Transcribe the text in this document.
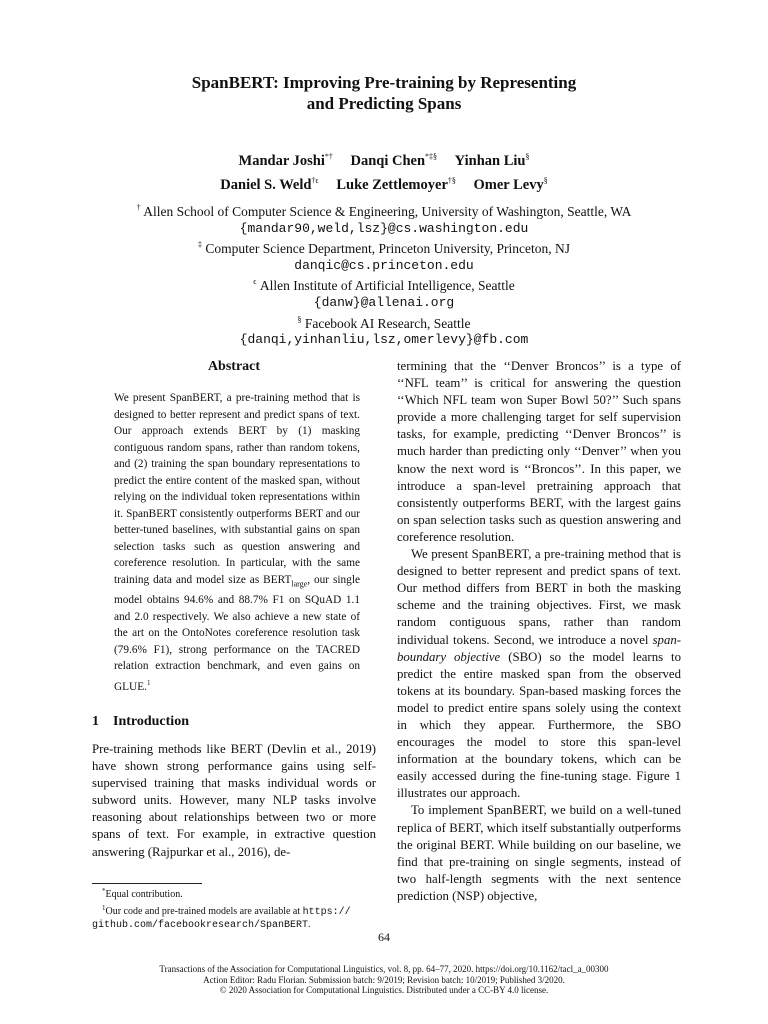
SpanBERT: Improving Pre-training by Representing
and Predicting Spans
Mandar Joshi*† Danqi Chen*‡§ Yinhan Liu§
Daniel S. Weld$^{\dagger\epsilon}$ Luke Zettlemoyer†§ Omer Levy§
† Allen School of Computer Science & Engineering, University of Washington, Seattle, WA
{mandar90,weld,lsz}@cs.washington.edu
‡ Computer Science Department, Princeton University, Princeton, NJ
danqic@cs.princeton.edu
$^\epsilon$ Allen Institute of Artificial Intelligence, Seattle
{danw}@allenai.org
§ Facebook AI Research, Seattle
{danqi,yinhanliu,lsz,omerlevy}@fb.com
Abstract

We present SpanBERT, a pre-training method that is designed to better represent and predict spans of text. Our approach extends BERT by (1) masking contiguous random spans, rather than random tokens, and (2) training the span boundary representations to predict the entire content of the masked span, without relying on the individual token representations within it. SpanBERT consistently outperforms BERT and our better-tuned baselines, with substantial gains on span selection tasks such as question answering and coreference resolution. In particular, with the same training data and model size as $BERT_{large}$, our single model obtains 94.6% and 88.7% F1 on SQuAD 1.1 and 2.0 respectively. We also achieve a new state of the art on the OntoNotes coreference resolution task (79.6% F1), strong performance on the TACRED relation extraction benchmark, and even gains on GLUE.$^1$

1 Introduction

Pre-training methods like BERT (Devlin et al., 2019) have shown strong performance gains using self-supervised training that masks individual words or subword units. However, many NLP tasks involve reasoning about relationships between two or more spans of text. For example, in extractive question answering (Rajpurkar et al., 2016), de-

termining that the ‘‘Denver Broncos’’ is a type of ‘‘NFL team’’ is critical for answering the question ‘‘Which NFL team won Super Bowl 50?’’ Such spans provide a more challenging target for self supervision tasks, for example, predicting ‘‘Denver Broncos’’ is much harder than predicting only ‘‘Denver’’ when you know the next word is ‘‘Broncos’’. In this paper, we introduce a span-level pretraining approach that consistently outperforms BERT, with the largest gains on span selection tasks such as question answering and coreference resolution.

We present SpanBERT, a pre-training method that is designed to better represent and predict spans of text. Our method differs from BERT in both the masking scheme and the training objectives. First, we mask random contiguous spans, rather than random individual tokens. Second, we introduce a novel span-boundary objective (SBO) so the model learns to predict the entire masked span from the observed tokens at its boundary. Span-based masking forces the model to predict entire spans solely using the context in which they appear. Furthermore, the SBO encourages the model to store this span-level information at the boundary tokens, which can be easily accessed during the fine-tuning stage. Figure 1 illustrates our approach.

To implement SpanBERT, we build on a well-tuned replica of BERT, which itself substantially outperforms the original BERT. While building on our baseline, we find that pre-training on single segments, instead of two half-length segments with the next sentence prediction (NSP) objective,

*Equal contribution.
$^1$Our code and pre-trained models are available at https://
github.com/facebookresearch/SpanBERT.
64
Transactions of the Association for Computational Linguistics, vol. 8, pp. 64–77, 2020. https://doi.org/10.1162/tacl_a_00300
Action Editor: Radu Florian. Submission batch: 9/2019; Revision batch: 10/2019; Published 3/2020.
© 2020 Association for Computational Linguistics. Distributed under a CC-BY 4.0 license.
